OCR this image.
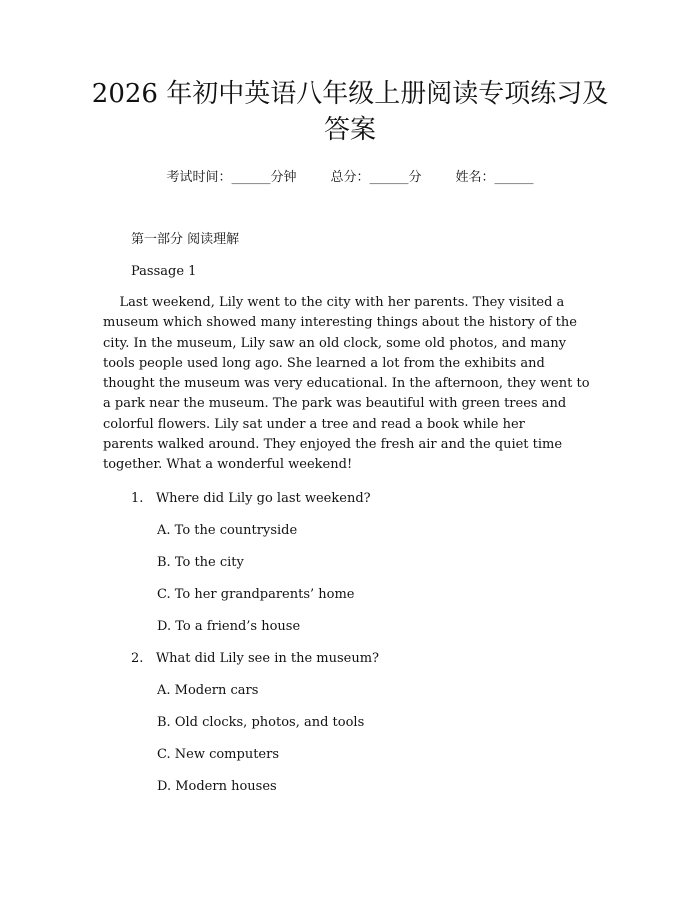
2026 年初中英语八年级上册阅读专项练习及
答案
考试时间：______分钟	总分：______分	姓名：______
第一部分 阅读理解
Passage 1
Last weekend, Lily went to the city with her parents. They visited a
museum which showed many interesting things about the history of the
city. In the museum, Lily saw an old clock, some old photos, and many
tools people used long ago. She learned a lot from the exhibits and
thought the museum was very educational. In the afternoon, they went to
a park near the museum. The park was beautiful with green trees and
colorful flowers. Lily sat under a tree and read a book while her
parents walked around. They enjoyed the fresh air and the quiet time
together. What a wonderful weekend!
1. Where did Lily go last weekend?
A. To the countryside
B. To the city
C. To her grandparents’ home
D. To a friend’s house
2. What did Lily see in the museum?
A. Modern cars
B. Old clocks, photos, and tools
C. New computers
D. Modern houses
